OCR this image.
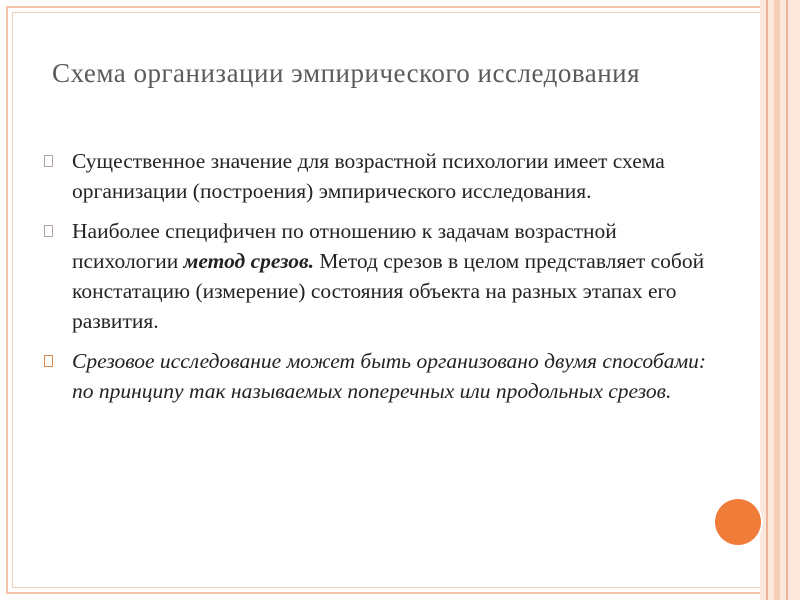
Схема организации эмпирического исследования
Существенное значение для возрастной психологии имеет схема организации (построения) эмпирического исследования.
Наиболее специфичен по отношению к задачам возрастной психологии метод срезов. Метод срезов в целом представляет собой констатацию (измерение) состояния объекта на разных этапах его развития.
Срезовое исследование может быть организовано двумя способами: по принципу так называемых поперечных или продольных срезов.
